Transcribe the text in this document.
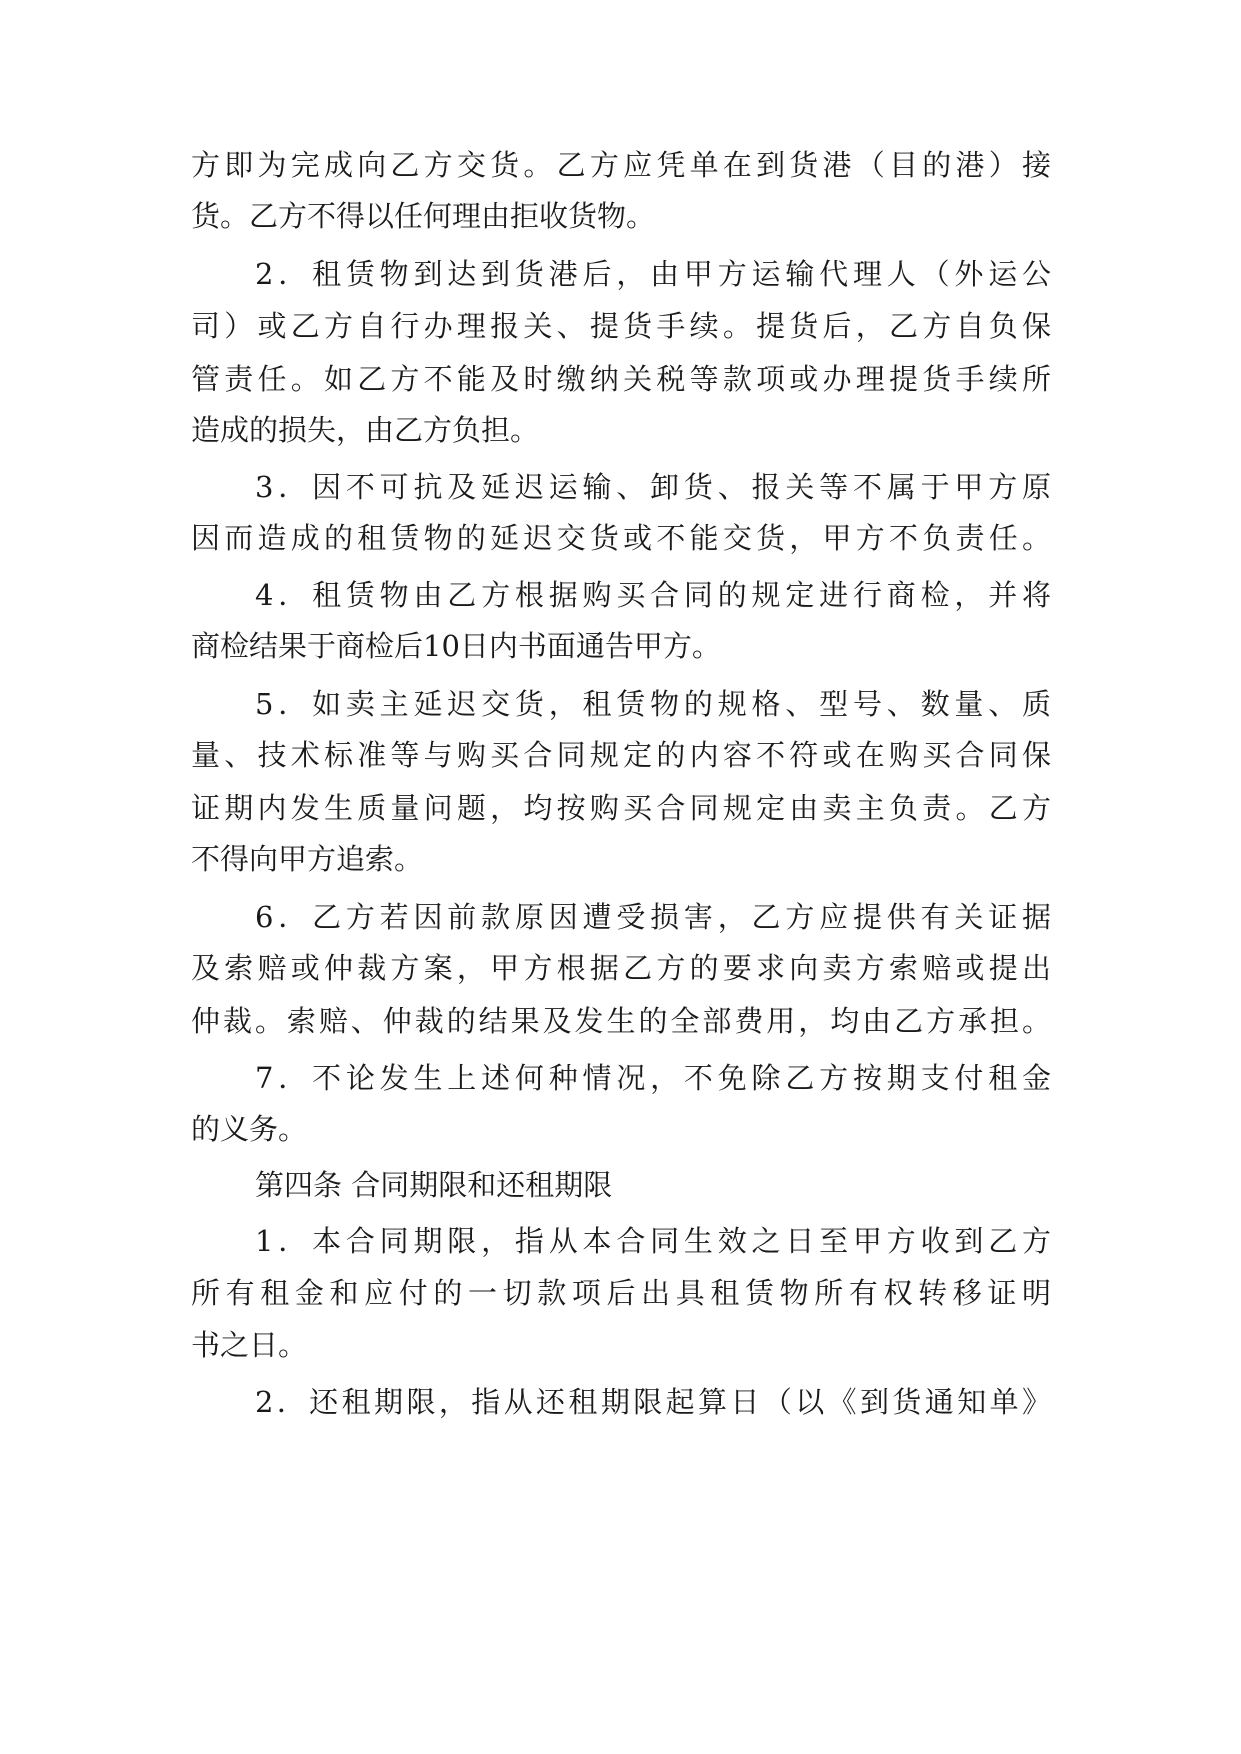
方即为完成向乙方交货。乙方应凭单在到货港（目的港）接
货。乙方不得以任何理由拒收货物。
2．租赁物到达到货港后，由甲方运输代理人（外运公
司）或乙方自行办理报关、提货手续。提货后，乙方自负保
管责任。如乙方不能及时缴纳关税等款项或办理提货手续所
造成的损失，由乙方负担。
3．因不可抗及延迟运输、卸货、报关等不属于甲方原
因而造成的租赁物的延迟交货或不能交货，甲方不负责任。
4．租赁物由乙方根据购买合同的规定进行商检，并将
商检结果于商检后10日内书面通告甲方。
5．如卖主延迟交货，租赁物的规格、型号、数量、质
量、技术标准等与购买合同规定的内容不符或在购买合同保
证期内发生质量问题，均按购买合同规定由卖主负责。乙方
不得向甲方追索。
6．乙方若因前款原因遭受损害，乙方应提供有关证据
及索赔或仲裁方案，甲方根据乙方的要求向卖方索赔或提出
仲裁。索赔、仲裁的结果及发生的全部费用，均由乙方承担。
7．不论发生上述何种情况，不免除乙方按期支付租金
的义务。
第四条 合同期限和还租期限
1．本合同期限，指从本合同生效之日至甲方收到乙方
所有租金和应付的一切款项后出具租赁物所有权转移证明
书之日。
2．还租期限，指从还租期限起算日（以《到货通知单》
